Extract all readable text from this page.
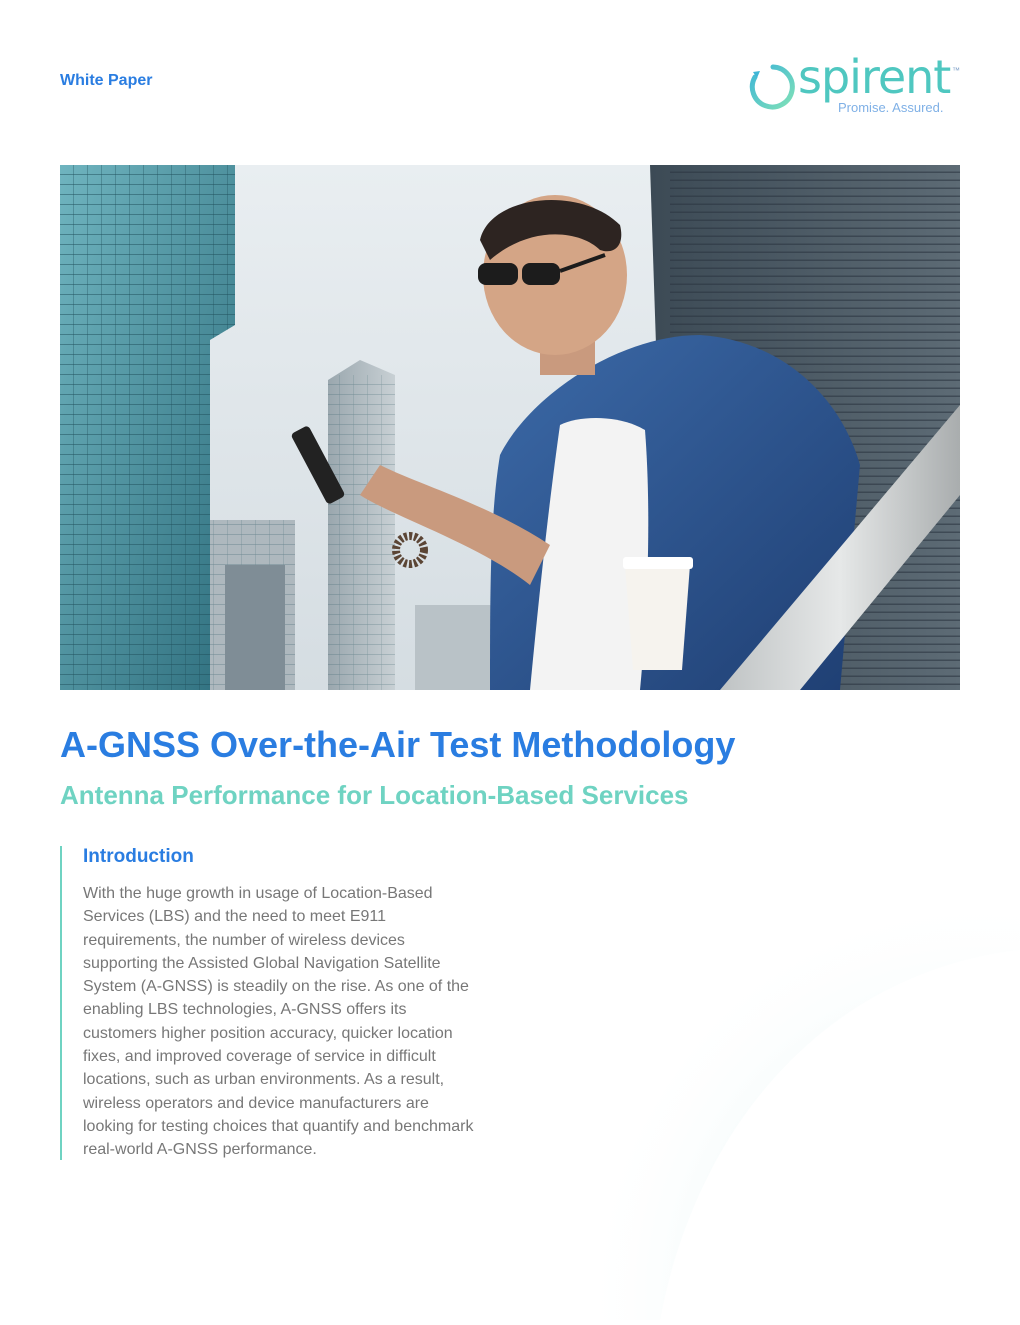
White Paper	spirent ™
Promise. Assured.
A-GNSS Over-the-Air Test Methodology
Antenna Performance for Location-Based Services
Introduction

With the huge growth in usage of Location-Based Services (LBS) and the need to meet E911 requirements, the number of wireless devices supporting the Assisted Global Navigation Satellite System (A-GNSS) is steadily on the rise. As one of the enabling LBS technologies, A-GNSS offers its customers higher position accuracy, quicker location fixes, and improved coverage of service in difficult locations, such as urban environments. As a result, wireless operators and device manufacturers are looking for testing choices that quantify and benchmark real-world A-GNSS performance.
